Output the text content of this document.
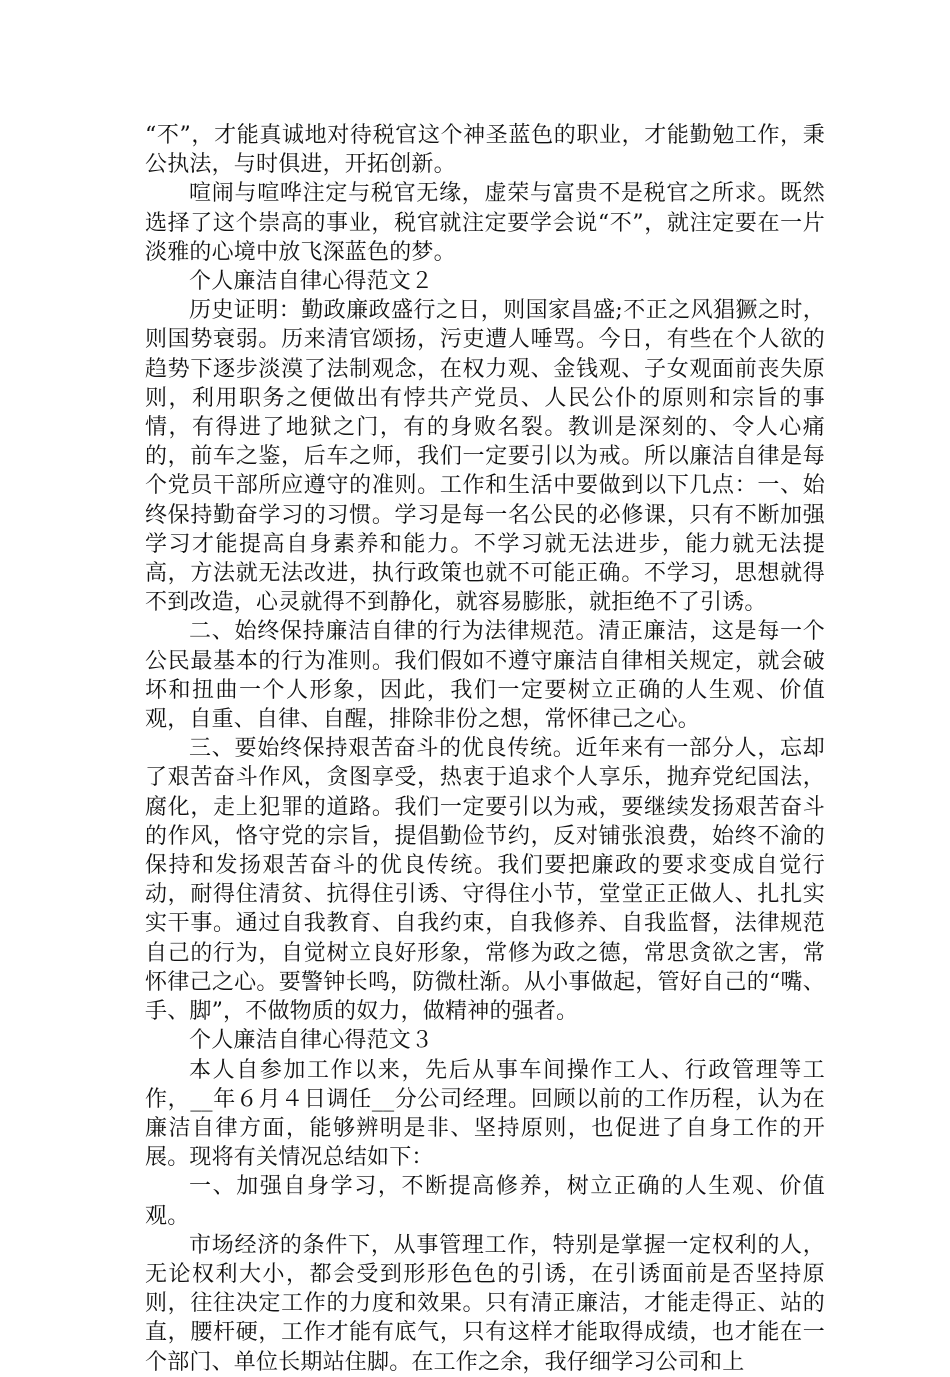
“不”，才能真诚地对待税官这个神圣蓝色的职业，才能勤勉工作，秉公执法，与时俱进，开拓创新。

喧闹与喧哗注定与税官无缘，虚荣与富贵不是税官之所求。既然选择了这个崇高的事业，税官就注定要学会说“不”，就注定要在一片淡雅的心境中放飞深蓝色的梦。

个人廉洁自律心得范文２

历史证明：勤政廉政盛行之日，则国家昌盛;不正之风猖獗之时，则国势衰弱。历来清官颂扬，污吏遭人唾骂。今日，有些在个人欲的趋势下逐步淡漠了法制观念，在权力观、金钱观、子女观面前丧失原则，利用职务之便做出有悖共产党员、人民公仆的原则和宗旨的事情，有得进了地狱之门，有的身败名裂。教训是深刻的、令人心痛的，前车之鉴，后车之师，我们一定要引以为戒。所以廉洁自律是每个党员干部所应遵守的准则。工作和生活中要做到以下几点：一、始终保持勤奋学习的习惯。学习是每一名公民的必修课，只有不断加强学习才能提高自身素养和能力。不学习就无法进步，能力就无法提高，方法就无法改进，执行政策也就不可能正确。不学习，思想就得不到改造，心灵就得不到静化，就容易膨胀，就拒绝不了引诱。

二、始终保持廉洁自律的行为法律规范。清正廉洁，这是每一个公民最基本的行为准则。我们假如不遵守廉洁自律相关规定，就会破坏和扭曲一个人形象，因此，我们一定要树立正确的人生观、价值观，自重、自律、自醒，排除非份之想，常怀律己之心。

三、要始终保持艰苦奋斗的优良传统。近年来有一部分人，忘却了艰苦奋斗作风，贪图享受，热衷于追求个人享乐，抛弃党纪国法，腐化，走上犯罪的道路。我们一定要引以为戒，要继续发扬艰苦奋斗的作风，恪守党的宗旨，提倡勤俭节约，反对铺张浪费，始终不渝的保持和发扬艰苦奋斗的优良传统。我们要把廉政的要求变成自觉行动，耐得住清贫、抗得住引诱、守得住小节，堂堂正正做人、扎扎实实干事。通过自我教育、自我约束，自我修养、自我监督，法律规范自己的行为，自觉树立良好形象，常修为政之德，常思贪欲之害，常怀律己之心。要警钟长鸣，防微杜渐。从小事做起，管好自己的“嘴、手、脚”，不做物质的奴力，做精神的强者。

个人廉洁自律心得范文３

本人自参加工作以来，先后从事车间操作工人、行政管理等工作，__年６月４日调任__分公司经理。回顾以前的工作历程，认为在廉洁自律方面，能够辨明是非、坚持原则，也促进了自身工作的开展。现将有关情况总结如下：

一、加强自身学习，不断提高修养，树立正确的人生观、价值观。

市场经济的条件下，从事管理工作，特别是掌握一定权利的人，无论权利大小，都会受到形形色色的引诱，在引诱面前是否坚持原则，往往决定工作的力度和效果。只有清正廉洁，才能走得正、站的直，腰杆硬，工作才能有底气，只有这样才能取得成绩，也才能在一个部门、单位长期站住脚。在工作之余，我仔细学习公司和上
